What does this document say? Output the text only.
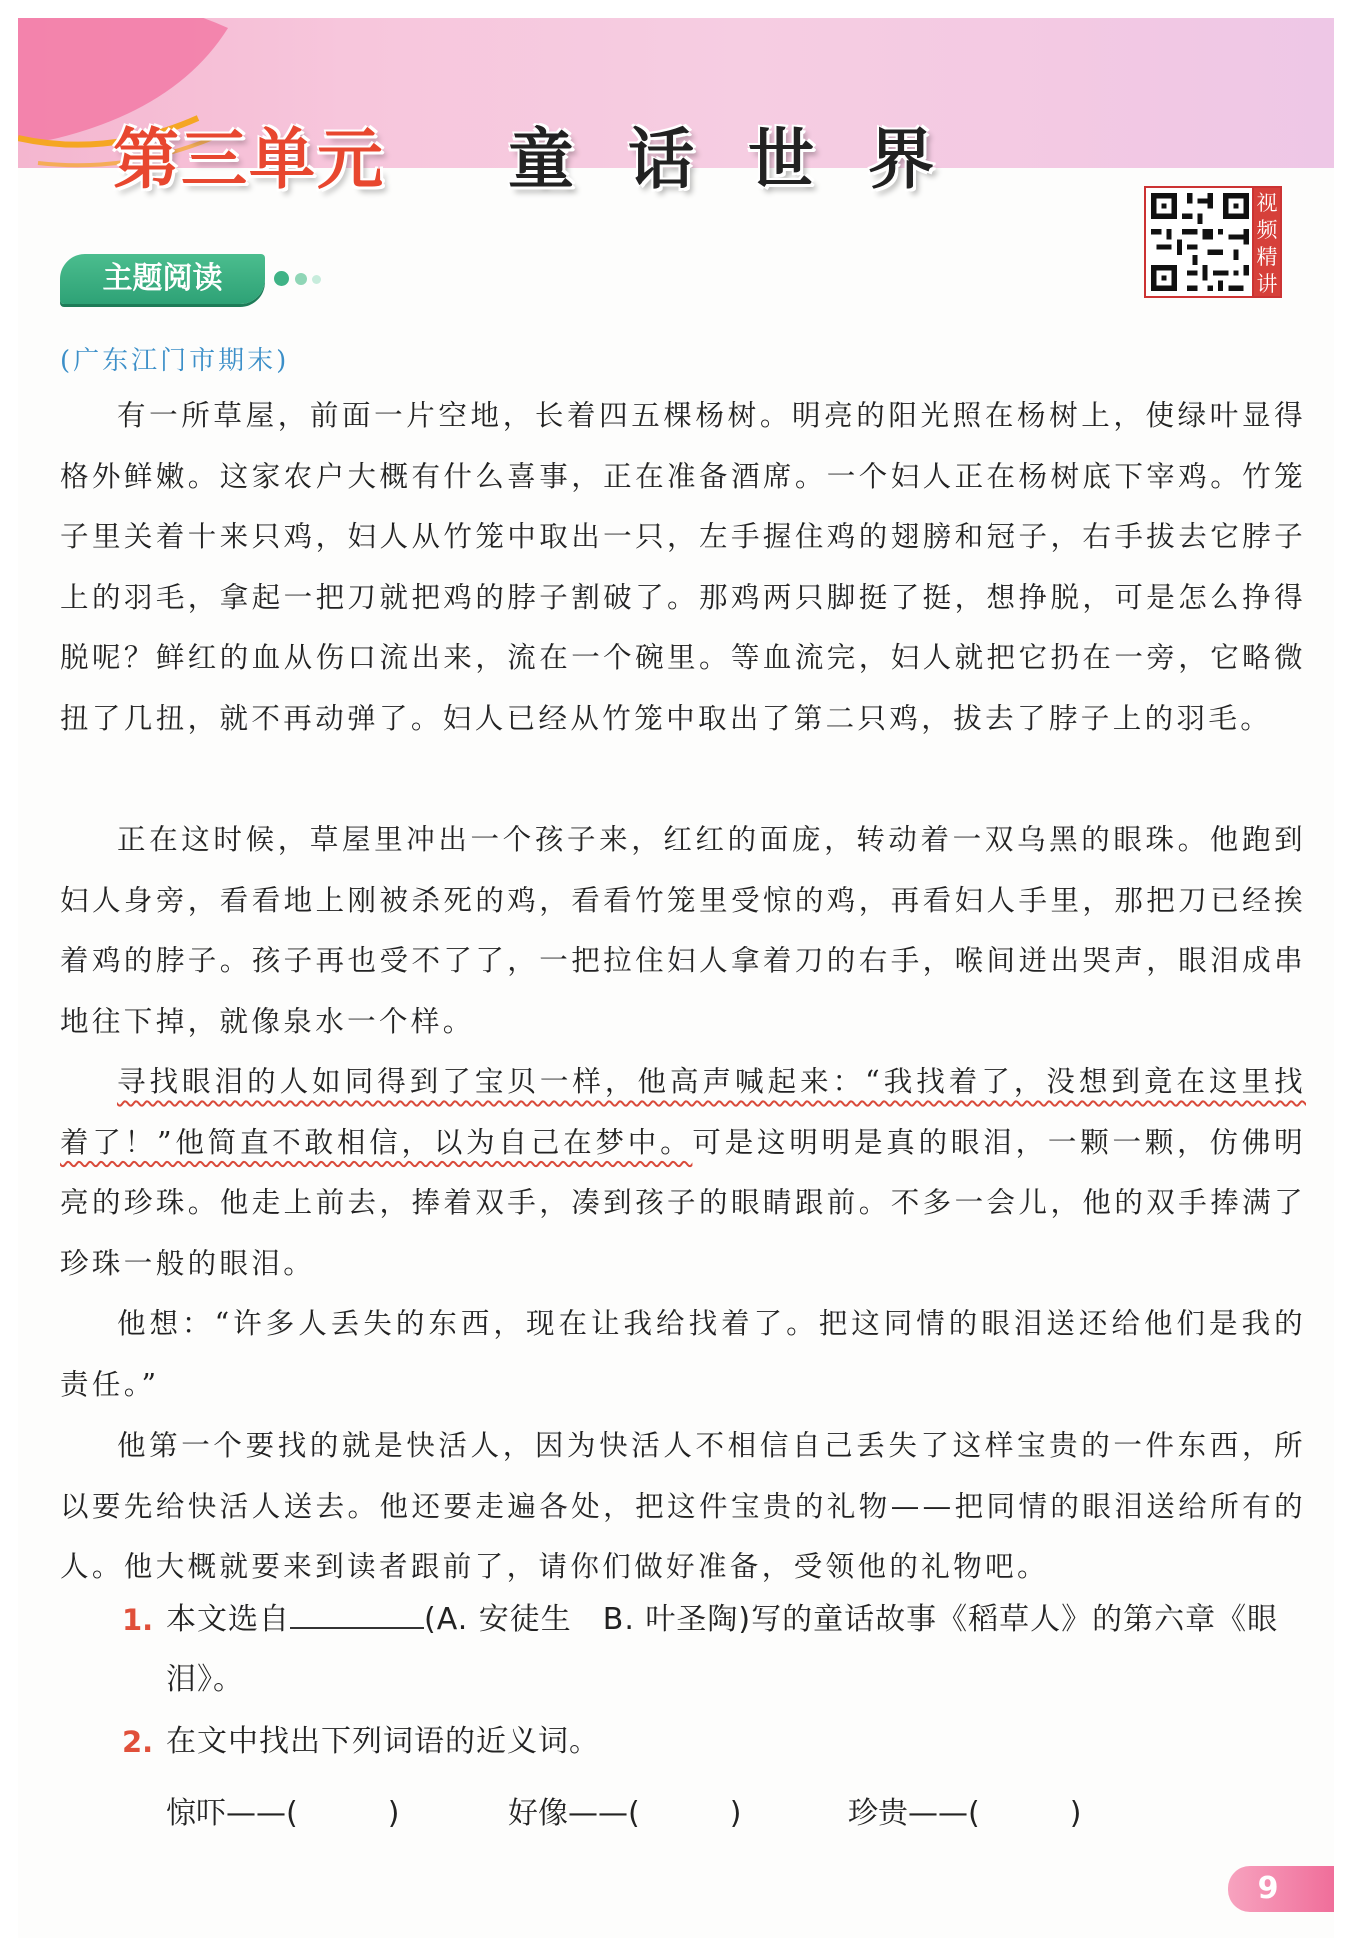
第三单元 童话世界
视频精讲
主题阅读
(广东江门市期末)

有一所草屋，前面一片空地，长着四五棵杨树。明亮的阳光照在杨树上，使绿叶显得格外鲜嫩。这家农户大概有什么喜事，正在准备酒席。一个妇人正在杨树底下宰鸡。竹笼子里关着十来只鸡，妇人从竹笼中取出一只，左手握住鸡的翅膀和冠子，右手拔去它脖子上的羽毛，拿起一把刀就把鸡的脖子割破了。那鸡两只脚挺了挺，想挣脱，可是怎么挣得脱呢？鲜红的血从伤口流出来，流在一个碗里。等血流完，妇人就把它扔在一旁，它略微扭了几扭，就不再动弹了。妇人已经从竹笼中取出了第二只鸡，拔去了脖子上的羽毛。

正在这时候，草屋里冲出一个孩子来，红红的面庞，转动着一双乌黑的眼珠。他跑到妇人身旁，看看地上刚被杀死的鸡，看看竹笼里受惊的鸡，再看妇人手里，那把刀已经挨着鸡的脖子。孩子再也受不了了，一把拉住妇人拿着刀的右手，喉间迸出哭声，眼泪成串地往下掉，就像泉水一个样。

寻找眼泪的人如同得到了宝贝一样，他高声喊起来：“我找着了，没想到竟在这里找着了！”他简直不敢相信，以为自己在梦中。可是这明明是真的眼泪，一颗一颗，仿佛明亮的珍珠。他走上前去，捧着双手，凑到孩子的眼睛跟前。不多一会儿，他的双手捧满了珍珠一般的眼泪。

他想：“许多人丢失的东西，现在让我给找着了。把这同情的眼泪送还给他们是我的责任。”

他第一个要找的就是快活人，因为快活人不相信自己丢失了这样宝贵的一件东西，所以要先给快活人送去。他还要走遍各处，把这件宝贵的礼物——把同情的眼泪送给所有的人。他大概就要来到读者跟前了，请你们做好准备，受领他的礼物吧。

1. 本文选自	(A. 安徒生　B. 叶圣陶)写的童话故事《稻草人》的第六章《眼泪》。

2. 在文中找出下列词语的近义词。

惊吓——(	)	好像——(	)	珍贵——(	)
9
